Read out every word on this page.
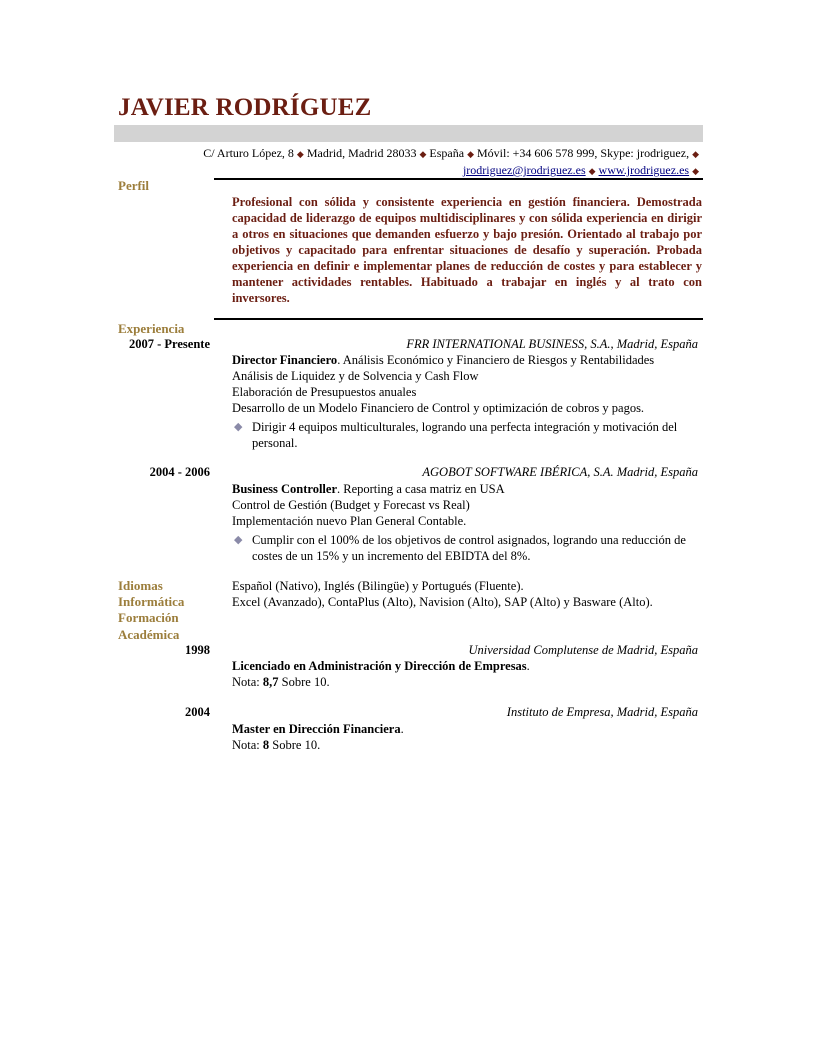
JAVIER RODRÍGUEZ
C/ Arturo López, 8 ◆ Madrid, Madrid 28033 ◆ España ◆ Móvil: +34 606 578 999, Skype: jrodriguez, ◆
jrodriguez@jrodriguez.es ◆ www.jrodriguez.es ◆
Perfil
Profesional con sólida y consistente experiencia en gestión financiera. Demostrada capacidad de liderazgo de equipos multidisciplinares y con sólida experiencia en dirigir a otros en situaciones que demanden esfuerzo y bajo presión. Orientado al trabajo por objetivos y capacitado para enfrentar situaciones de desafío y superación. Probada experiencia en definir e implementar planes de reducción de costes y para establecer y mantener actividades rentables. Habituado a trabajar en inglés y al trato con inversores.
Experiencia
2007 - Presente	FRR INTERNATIONAL BUSINESS, S.A., Madrid, España
Director Financiero. Análisis Económico y Financiero de Riesgos y Rentabilidades
Análisis de Liquidez y de Solvencia y Cash Flow
Elaboración de Presupuestos anuales
Desarrollo de un Modelo Financiero de Control y optimización de cobros y pagos.
◆ Dirigir 4 equipos multiculturales, logrando una perfecta integración y motivación del personal.
2004 - 2006	AGOBOT SOFTWARE IBÉRICA, S.A. Madrid, España
Business Controller. Reporting a casa matriz en USA
Control de Gestión (Budget y Forecast vs Real)
Implementación nuevo Plan General Contable.
◆ Cumplir con el 100% de los objetivos de control asignados, logrando una reducción de costes de un 15% y un incremento del EBIDTA del 8%.
Idiomas	Español (Nativo), Inglés (Bilingüe) y Portugués (Fluente).
Informática	Excel (Avanzado), ContaPlus (Alto), Navision (Alto), SAP (Alto) y Basware (Alto).
Formación
Académica
1998	Universidad Complutense de Madrid, España
Licenciado en Administración y Dirección de Empresas.
Nota: 8,7 Sobre 10.
2004	Instituto de Empresa, Madrid, España
Master en Dirección Financiera.
Nota: 8 Sobre 10.
